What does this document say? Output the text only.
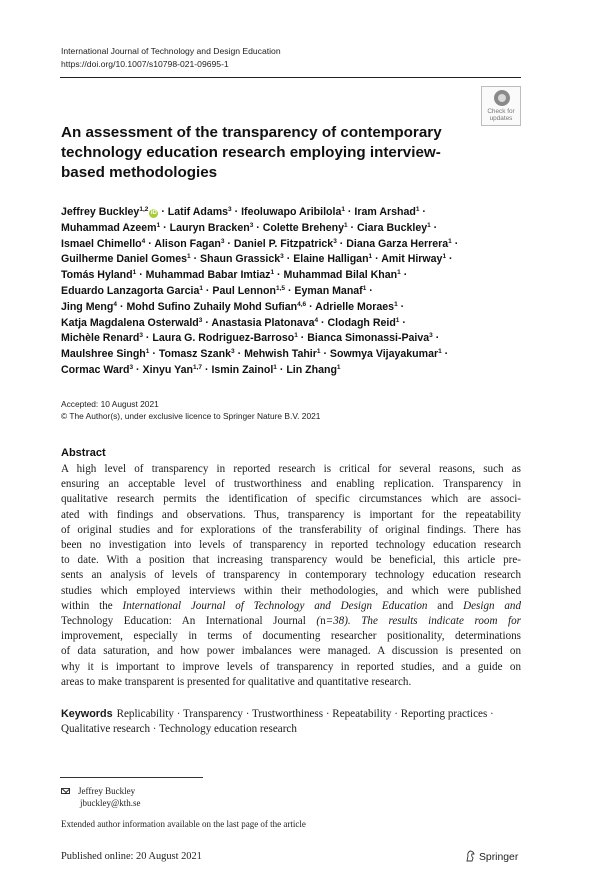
International Journal of Technology and Design Education
https://doi.org/10.1007/s10798-021-09695-1
Check for
updates
An assessment of the transparency of contemporary technology education research employing interview-based methodologies
Jeffrey Buckley$^{1,2}$ iD · Latif Adams$^3$ · Ifeoluwapo Aribilola$^1$ · Iram Arshad$^1$ ·
Muhammad Azeem$^1$ · Lauryn Bracken$^3$ · Colette Breheny$^1$ · Ciara Buckley$^1$ ·
Ismael Chimello$^4$ · Alison Fagan$^3$ · Daniel P. Fitzpatrick$^3$ · Diana Garza Herrera$^1$ ·
Guilherme Daniel Gomes$^1$ · Shaun Grassick$^3$ · Elaine Halligan$^1$ · Amit Hirway$^1$ ·
Tomás Hyland$^1$ · Muhammad Babar Imtiaz$^1$ · Muhammad Bilal Khan$^1$ ·
Eduardo Lanzagorta Garcia$^1$ · Paul Lennon$^{1,5}$ · Eyman Manaf$^1$ ·
Jing Meng$^4$ · Mohd Sufino Zuhaily Mohd Sufian$^{4,6}$ · Adrielle Moraes$^1$ ·
Katja Magdalena Osterwald$^3$ · Anastasia Platonava$^4$ · Clodagh Reid$^1$ ·
Michèle Renard$^3$ · Laura G. Rodriguez-Barroso$^1$ · Bianca Simonassi-Paiva$^3$ ·
Maulshree Singh$^1$ · Tomasz Szank$^3$ · Mehwish Tahir$^1$ · Sowmya Vijayakumar$^1$ ·
Cormac Ward$^3$ · Xinyu Yan$^{1,7}$ · Ismin Zainol$^1$ · Lin Zhang$^1$
Accepted: 10 August 2021
© The Author(s), under exclusive licence to Springer Nature B.V. 2021
Abstract
A high level of transparency in reported research is critical for several reasons, such as
ensuring an acceptable level of trustworthiness and enabling replication. Transparency in
qualitative research permits the identification of specific circumstances which are associ-
ated with findings and observations. Thus, transparency is important for the repeatability
of original studies and for explorations of the transferability of original findings. There has
been no investigation into levels of transparency in reported technology education research
to date. With a position that increasing transparency would be beneficial, this article pre-
sents an analysis of levels of transparency in contemporary technology education research
studies which employed interviews within their methodologies, and which were published
within the International Journal of Technology and Design Education and Design and
Technology Education: An International Journal (n=38). The results indicate room for
improvement, especially in terms of documenting researcher positionality, determinations
of data saturation, and how power imbalances were managed. A discussion is presented on
why it is important to improve levels of transparency in reported studies, and a guide on
areas to make transparent is presented for qualitative and quantitative research.
Keywords Replicability · Transparency · Trustworthiness · Repeatability · Reporting practices · Qualitative research · Technology education research
Jeffrey Buckley
jbuckley@kth.se
Extended author information available on the last page of the article
Published online: 20 August 2021	Springer
